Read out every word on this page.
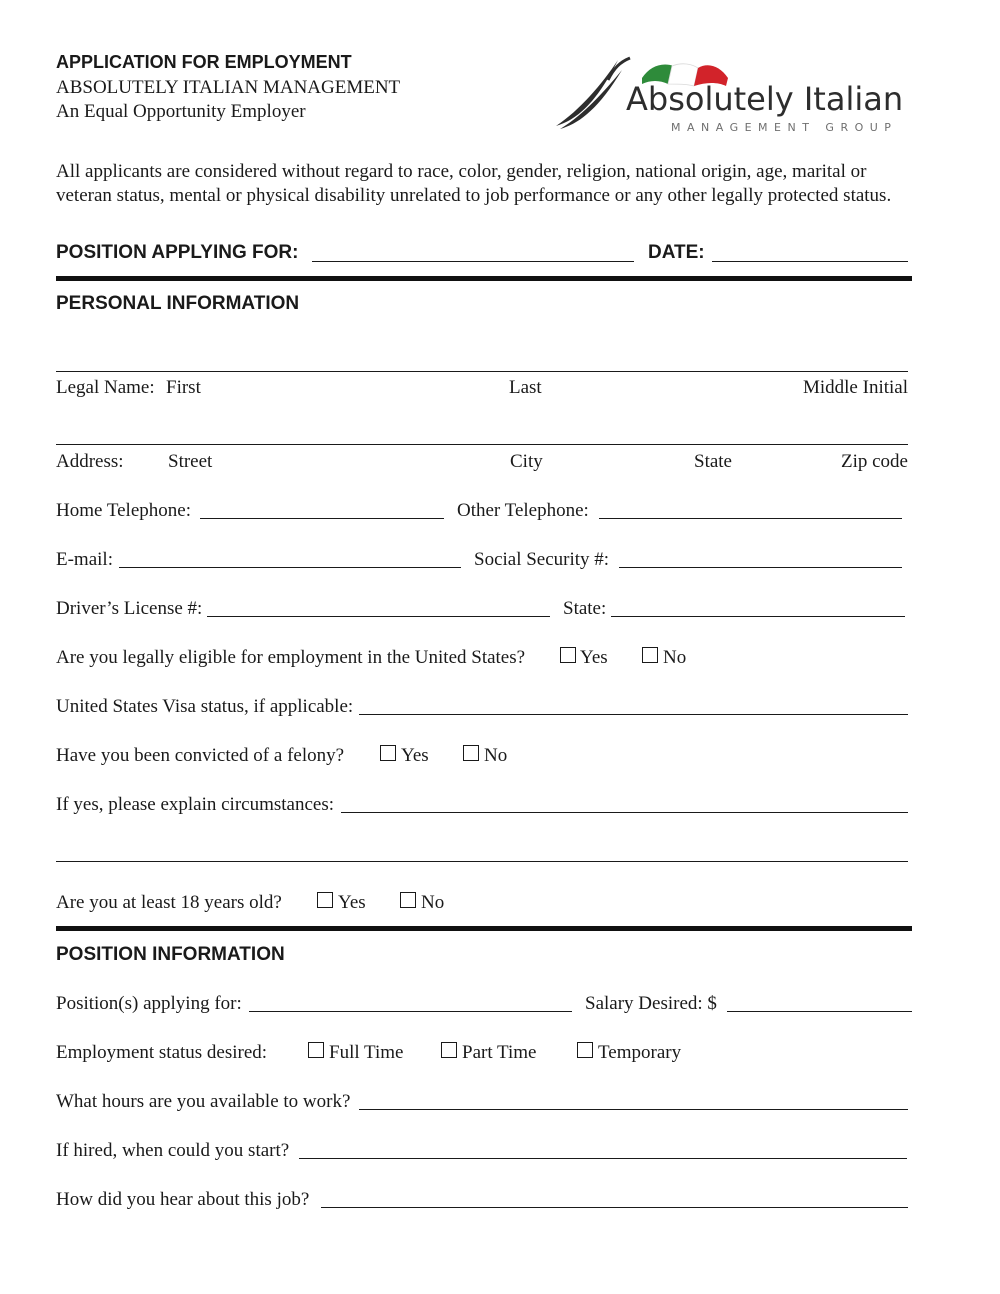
APPLICATION FOR EMPLOYMENT
ABSOLUTELY ITALIAN MANAGEMENT
An Equal Opportunity Employer	Absolutely Italian
MANAGEMENT GROUP
All applicants are considered without regard to race, color, gender, religion, national origin, age, marital or veteran status, mental or physical disability unrelated to job performance or any other legally protected status.
POSITION APPLYING FOR:	DATE:
PERSONAL INFORMATION
Legal Name: First	Last	Middle Initial
Address: Street	City	State	Zip code
Home Telephone:	Other Telephone:
E-mail:	Social Security #:
Driver’s License #:	State:
Are you legally eligible for employment in the United States?	Yes	No
United States Visa status, if applicable:
Have you been convicted of a felony?	Yes	No
If yes, please explain circumstances:
Are you at least 18 years old?	Yes	No
POSITION INFORMATION
Position(s) applying for:	Salary Desired: $
Employment status desired:	Full Time	Part Time	Temporary
What hours are you available to work?
If hired, when could you start?
How did you hear about this job?
